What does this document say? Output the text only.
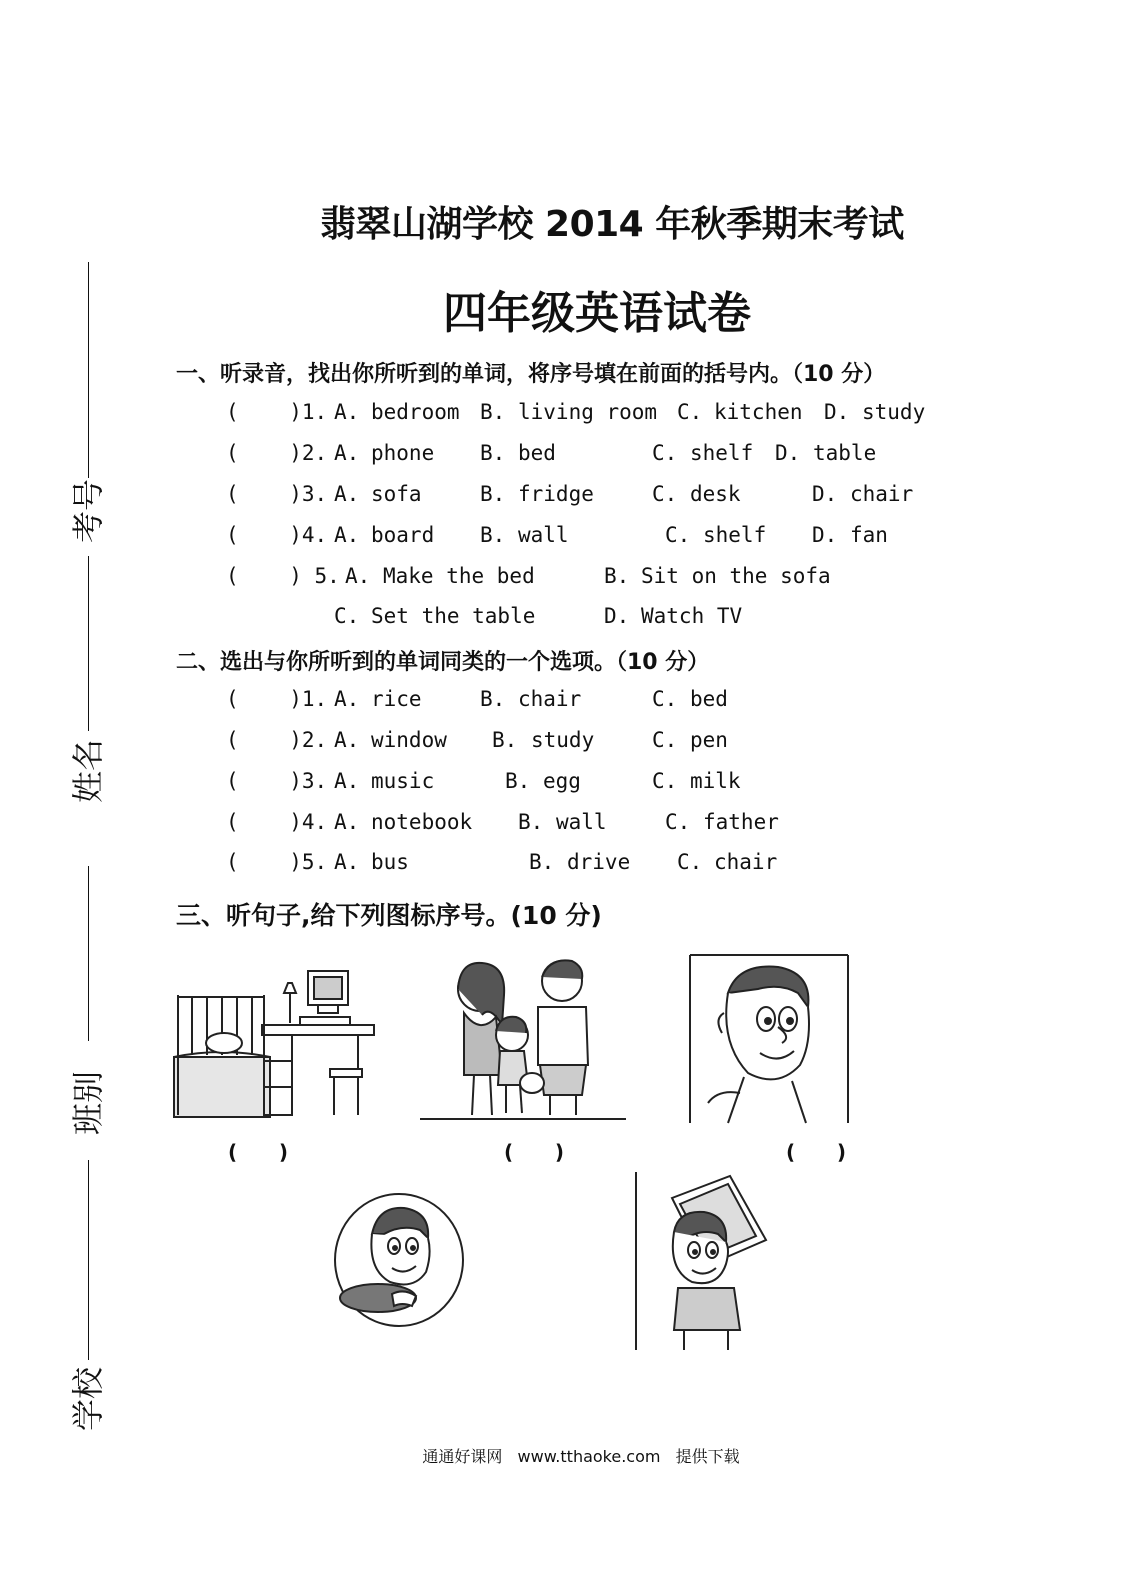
考号
姓名
班别
学校
翡翠山湖学校 2014 年秋季期末考试
四年级英语试卷
一、听录音，找出你所听到的单词，将序号填在前面的括号内。（10 分）
(    )1. A. bedroom B. living room C. kitchen D. study
(    )2. A. phone B. bed	C. shelf D. table
(    )3. A. sofa	B. fridge	C. desk	D. chair
(    )4. A. board B. wall	C. shelf D. fan
(    ) 5. A. Make the bed	B. Sit on the sofa
C. Set the table	D. Watch TV
二、选出与你所听到的单词同类的一个选项。（10 分）
(    )1. A. rice	B. chair	C. bed
(    )2. A. window B. study	C. pen
(    )3. A. music	B. egg	C. milk
(    )4. A. notebook B. wall	C. father
(    )5. A. bus	B. drive C. chair
三、听句子,给下列图标序号。(10 分)
(      )	(      )	(      )
通通好课网 www.tthaoke.com 提供下载
